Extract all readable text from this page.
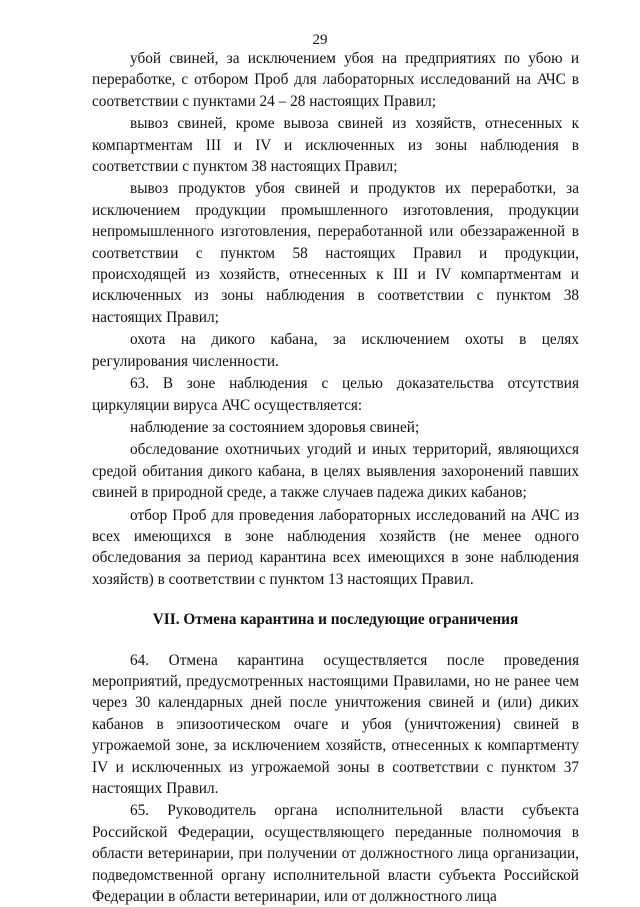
29

убой свиней, за исключением убоя на предприятиях по убою и переработке, с отбором Проб для лабораторных исследований на АЧС в соответствии с пунктами 24 – 28 настоящих Правил;

вывоз свиней, кроме вывоза свиней из хозяйств, отнесенных к компартментам III и IV и исключенных из зоны наблюдения в соответствии с пунктом 38 настоящих Правил;

вывоз продуктов убоя свиней и продуктов их переработки, за исключением продукции промышленного изготовления, продукции непромышленного изготовления, переработанной или обеззараженной в соответствии с пунктом 58 настоящих Правил и продукции, происходящей из хозяйств, отнесенных к III и IV компартментам и исключенных из зоны наблюдения в соответствии с пунктом 38 настоящих Правил;

охота на дикого кабана, за исключением охоты в целях регулирования численности.

63. В зоне наблюдения с целью доказательства отсутствия циркуляции вируса АЧС осуществляется:

наблюдение за состоянием здоровья свиней;

обследование охотничьих угодий и иных территорий, являющихся средой обитания дикого кабана, в целях выявления захоронений павших свиней в природной среде, а также случаев падежа диких кабанов;

отбор Проб для проведения лабораторных исследований на АЧС из всех имеющихся в зоне наблюдения хозяйств (не менее одного обследования за период карантина всех имеющихся в зоне наблюдения хозяйств) в соответствии с пунктом 13 настоящих Правил.

VII. Отмена карантина и последующие ограничения

64. Отмена карантина осуществляется после проведения мероприятий, предусмотренных настоящими Правилами, но не ранее чем через 30 календарных дней после уничтожения свиней и (или) диких кабанов в эпизоотическом очаге и убоя (уничтожения) свиней в угрожаемой зоне, за исключением хозяйств, отнесенных к компартменту IV и исключенных из угрожаемой зоны в соответствии с пунктом 37 настоящих Правил.

65. Руководитель органа исполнительной власти субъекта Российской Федерации, осуществляющего переданные полномочия в области ветеринарии, при получении от должностного лица организации, подведомственной органу исполнительной власти субъекта Российской Федерации в области ветеринарии, или от должностного лица
